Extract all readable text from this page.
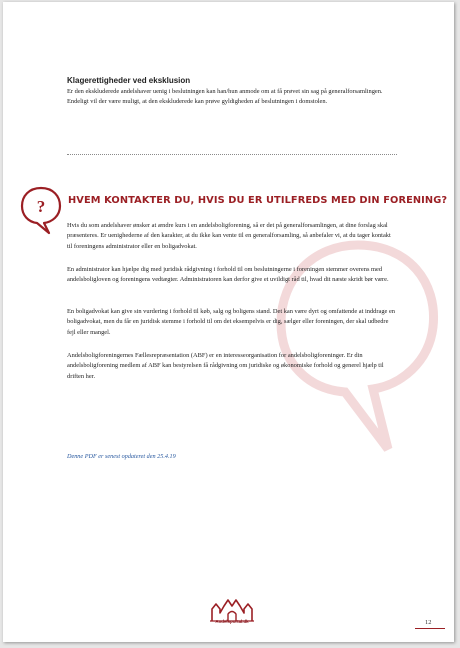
Klagerettigheder ved eksklusion

Er den ekskluderede andelshaver uenig i beslutningen kan han/hun anmode om at få prøvet sin sag på generalforsamlingen. Endeligt vil der være muligt, at den ekskluderede kan prøve gyldigheden af beslutningen i domstolen.

? HVEM KONTAKTER DU, HVIS DU ER UTILFREDS MED DIN FORENING?

Hvis du som andelshaver ønsker at ændre kurs i en andelsboligforening, så er det på generalforsamlingen, at dine forslag skal præsenteres. Er uenighederne af den karakter, at du ikke kan vente til en generalforsamling, så anbefaler vi, at du tager kontakt til foreningens administrator eller en boligadvokat.

En administrator kan hjælpe dig med juridisk rådgivning i forhold til om beslutningerne i foreningen stemmer overens med andelsboligloven og foreningens vedtægter. Administratoren kan derfor give et uvildigt råd til, hvad dit næste skridt bør være.

En boligadvokat kan give sin vurdering i forhold til køb, salg og boligens stand. Det kan være dyrt og omfattende at inddrage en boligadvokat, men du får en juridisk stemme i forhold til om det eksempelvis er dig, sælger eller foreningen, der skal udbedre fejl eller mangel.

Andelsboligforeningernes Fællesrepræsentation (ABF) er en interesseorganisation for andelsboligforeninger. Er din andelsboligforening medlem af ABF kan bestyrelsen få rådgivning om juridiske og økonomiske forhold og generel hjælp til driften her.

Denne PDF er senest opdateret den 25.4.19

Andelsportal.dk	12
